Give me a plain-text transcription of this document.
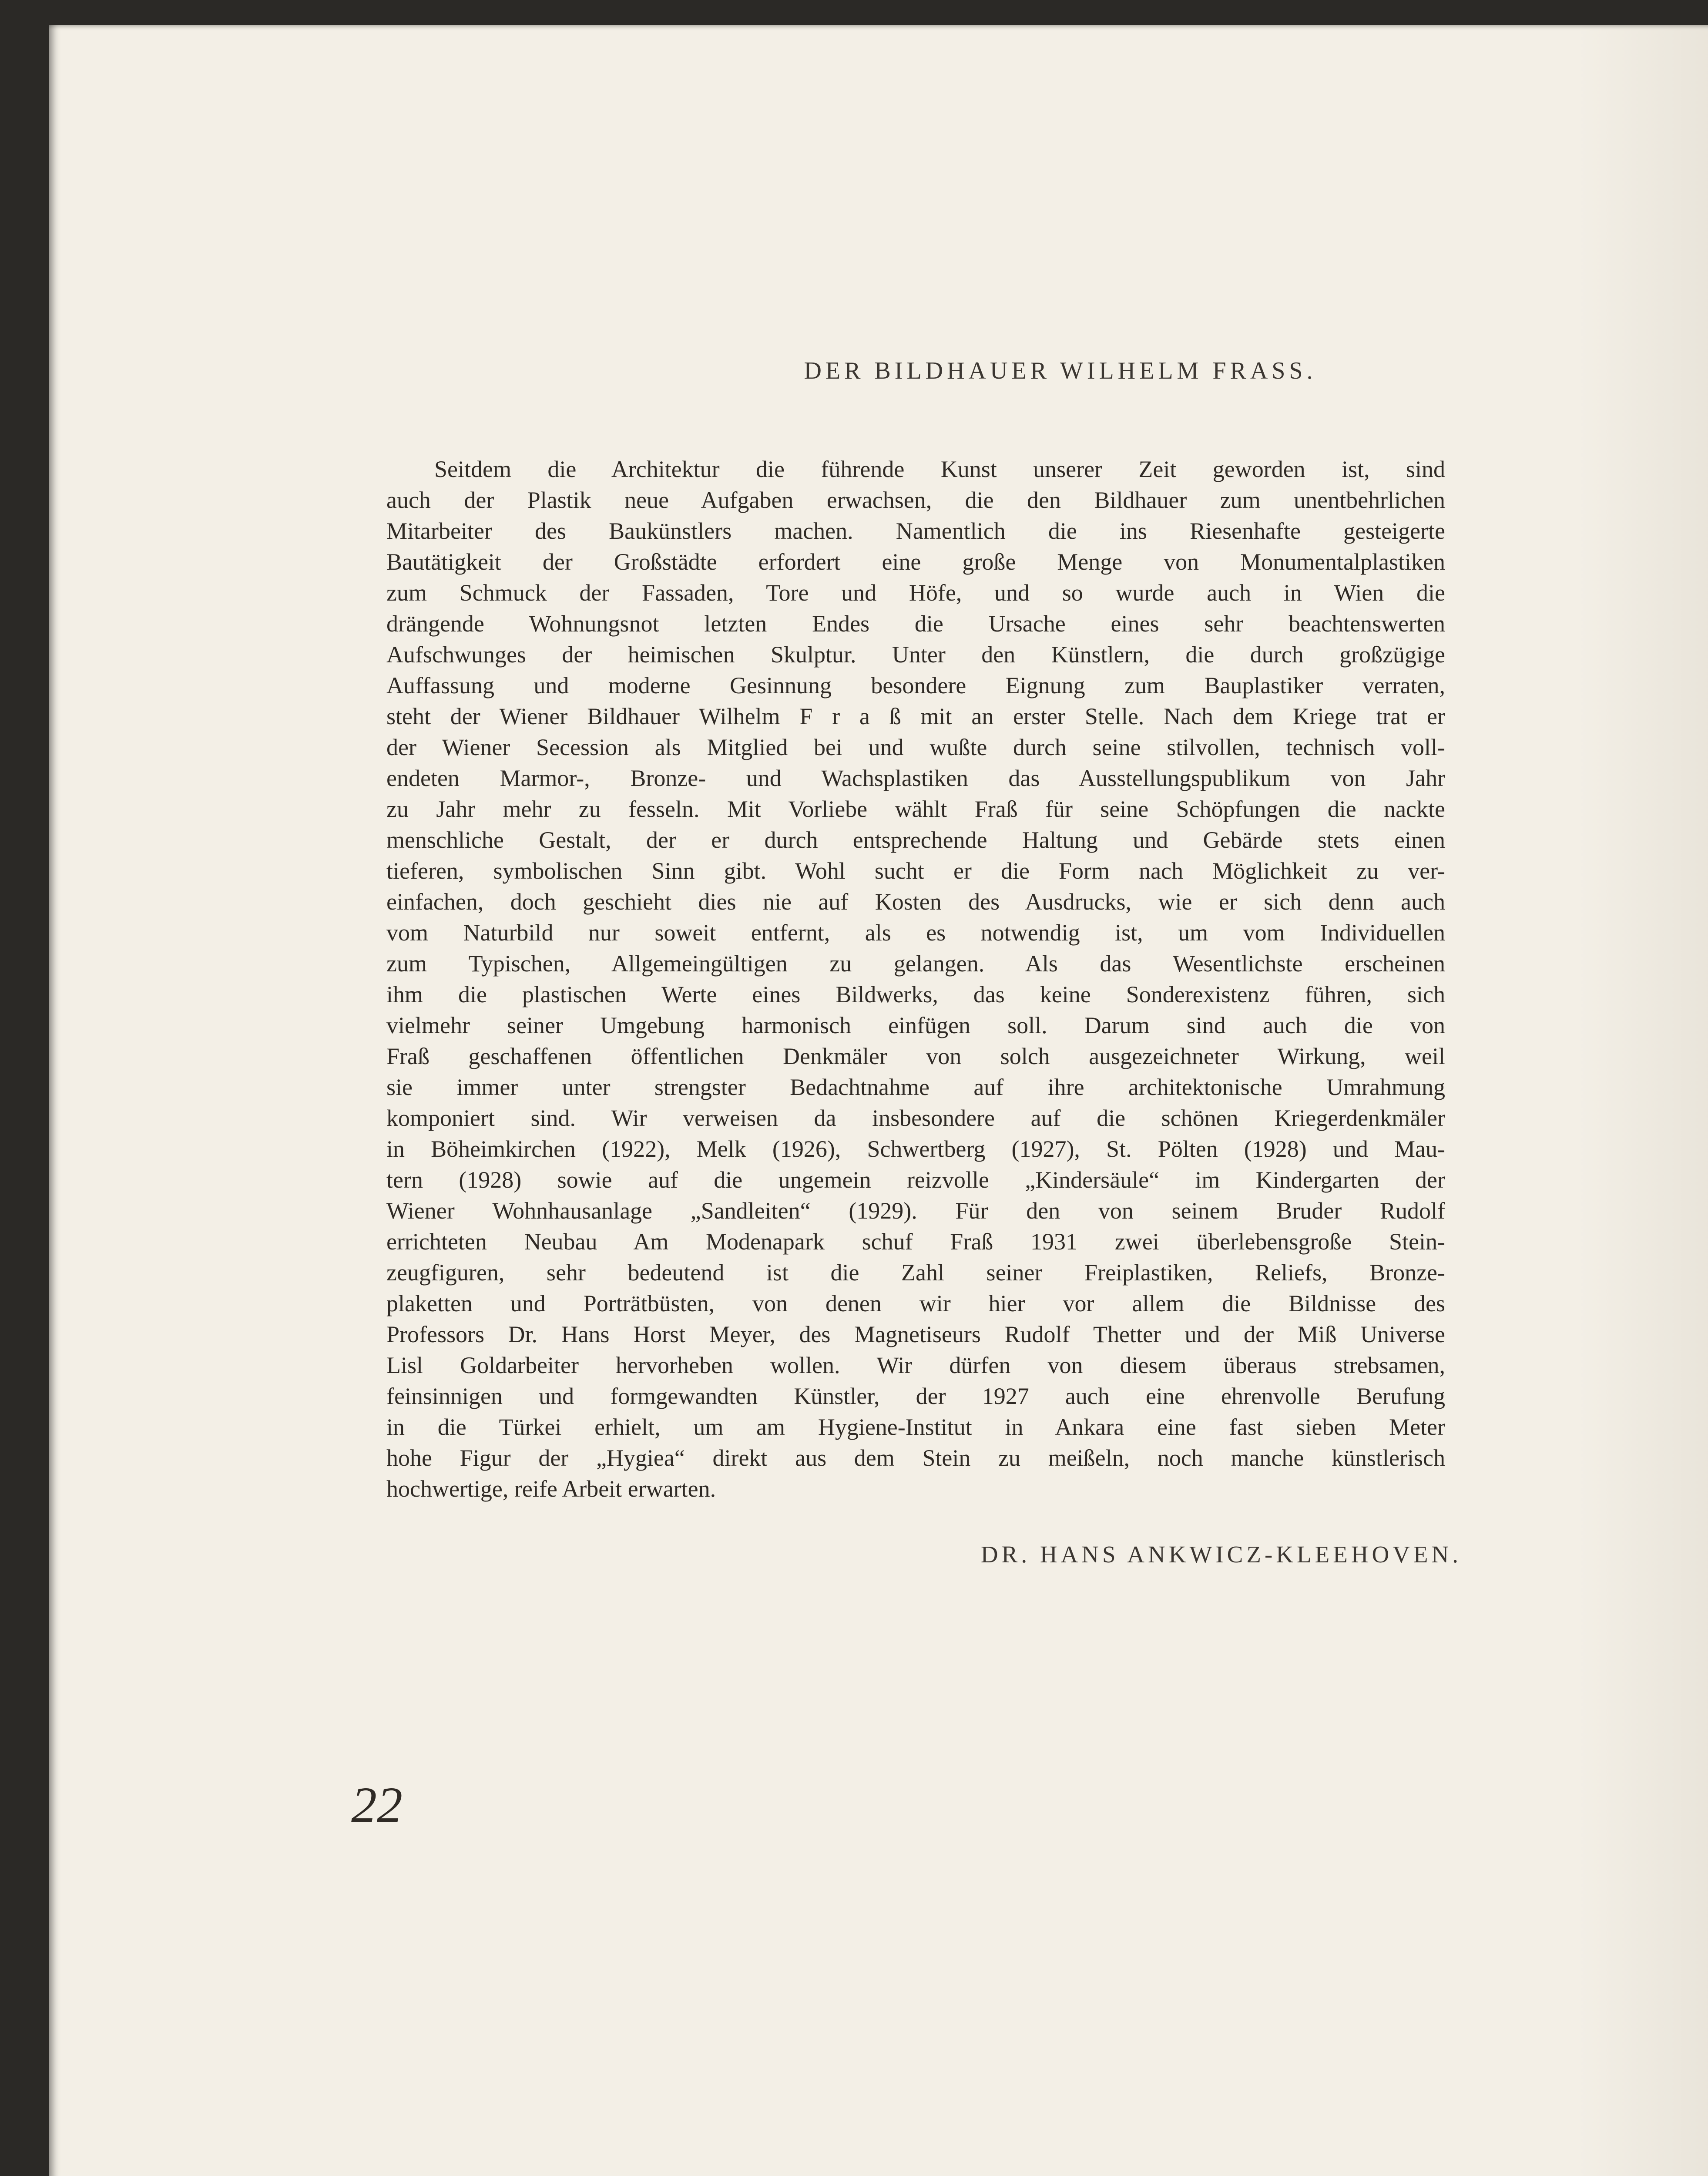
DER BILDHAUER WILHELM FRASS.
Seitdem die Architektur die führende Kunst unserer Zeit geworden ist, sind
auch der Plastik neue Aufgaben erwachsen, die den Bildhauer zum unentbehrlichen
Mitarbeiter des Baukünstlers machen. Namentlich die ins Riesenhafte gesteigerte
Bautätigkeit der Großstädte erfordert eine große Menge von Monumentalplastiken
zum Schmuck der Fassaden, Tore und Höfe, und so wurde auch in Wien die
drängende Wohnungsnot letzten Endes die Ursache eines sehr beachtenswerten
Aufschwunges der heimischen Skulptur. Unter den Künstlern, die durch großzügige
Auffassung und moderne Gesinnung besondere Eignung zum Bauplastiker verraten,
steht der Wiener Bildhauer Wilhelm F r a ß mit an erster Stelle. Nach dem Kriege trat er
der Wiener Secession als Mitglied bei und wußte durch seine stilvollen, technisch voll-
endeten Marmor-, Bronze- und Wachsplastiken das Ausstellungspublikum von Jahr
zu Jahr mehr zu fesseln. Mit Vorliebe wählt Fraß für seine Schöpfungen die nackte
menschliche Gestalt, der er durch entsprechende Haltung und Gebärde stets einen
tieferen, symbolischen Sinn gibt. Wohl sucht er die Form nach Möglichkeit zu ver-
einfachen, doch geschieht dies nie auf Kosten des Ausdrucks, wie er sich denn auch
vom Naturbild nur soweit entfernt, als es notwendig ist, um vom Individuellen
zum Typischen, Allgemeingültigen zu gelangen. Als das Wesentlichste erscheinen
ihm die plastischen Werte eines Bildwerks, das keine Sonderexistenz führen, sich
vielmehr seiner Umgebung harmonisch einfügen soll. Darum sind auch die von
Fraß geschaffenen öffentlichen Denkmäler von solch ausgezeichneter Wirkung, weil
sie immer unter strengster Bedachtnahme auf ihre architektonische Umrahmung
komponiert sind. Wir verweisen da insbesondere auf die schönen Kriegerdenkmäler
in Böheimkirchen (1922), Melk (1926), Schwertberg (1927), St. Pölten (1928) und Mau-
tern (1928) sowie auf die ungemein reizvolle „Kindersäule“ im Kindergarten der
Wiener Wohnhausanlage „Sandleiten“ (1929). Für den von seinem Bruder Rudolf
errichteten Neubau Am Modenapark schuf Fraß 1931 zwei überlebensgroße Stein-
zeugfiguren, sehr bedeutend ist die Zahl seiner Freiplastiken, Reliefs, Bronze-
plaketten und Porträtbüsten, von denen wir hier vor allem die Bildnisse des
Professors Dr. Hans Horst Meyer, des Magnetiseurs Rudolf Thetter und der Miß Universe
Lisl Goldarbeiter hervorheben wollen. Wir dürfen von diesem überaus strebsamen,
feinsinnigen und formgewandten Künstler, der 1927 auch eine ehrenvolle Berufung
in die Türkei erhielt, um am Hygiene-Institut in Ankara eine fast sieben Meter
hohe Figur der „Hygiea“ direkt aus dem Stein zu meißeln, noch manche künstlerisch
hochwertige, reife Arbeit erwarten.
DR. HANS ANKWICZ-KLEEHOVEN.
22
